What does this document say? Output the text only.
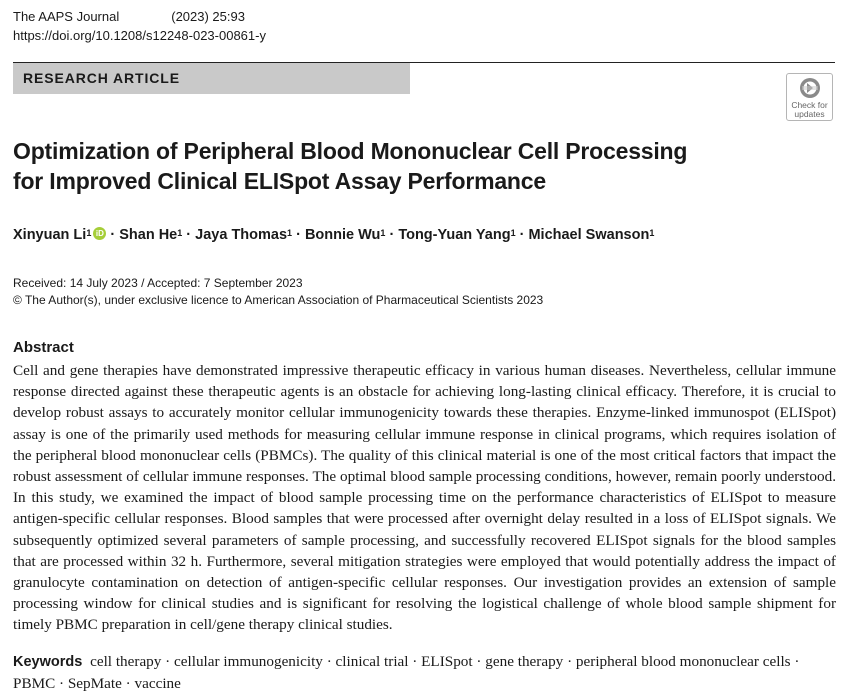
The AAPS Journal	(2023) 25:93
https://doi.org/10.1208/s12248-023-00861-y
RESEARCH ARTICLE
Check for
updates
Optimization of Peripheral Blood Mononuclear Cell Processing
for Improved Clinical ELISpot Assay Performance
Xinyuan Li$^1$ iD · Shan $He^1$ · Jaya Thomas$^1$ · Bonnie $Wu^1$ · Tong-Yuan Yang$^1$ · Michael Swanson$^1$
Received: 14 July 2023 / Accepted: 7 September 2023
© The Author(s), under exclusive licence to American Association of Pharmaceutical Scientists 2023
Abstract

Cell and gene therapies have demonstrated impressive therapeutic efficacy in various human diseases. Nevertheless, cellular immune response directed against these therapeutic agents is an obstacle for achieving long-lasting clinical efficacy. Therefore, it is crucial to develop robust assays to accurately monitor cellular immunogenicity towards these therapies. Enzyme-linked immunospot (ELISpot) assay is one of the primarily used methods for measuring cellular immune response in clinical programs, which requires isolation of the peripheral blood mononuclear cells (PBMCs). The quality of this clinical material is one of the most critical factors that impact the robust assessment of cellular immune responses. The optimal blood sample processing conditions, however, remain poorly understood. In this study, we examined the impact of blood sample processing time on the performance characteristics of ELISpot to measure antigen-specific cellular responses. Blood samples that were processed after overnight delay resulted in a loss of ELISpot signals. We subsequently optimized several parameters of sample processing, and successfully recovered ELISpot signals for the blood samples that are processed within 32 h. Furthermore, several mitigation strategies were employed that would potentially address the impact of granulocyte contamination on detection of antigen-specific cellular responses. Our investigation provides an extension of sample processing window for clinical studies and is significant for resolving the logistical challenge of whole blood sample shipment for timely PBMC preparation in cell/gene therapy clinical studies.

Keywords cell therapy · cellular immunogenicity · clinical trial · ELISpot · gene therapy · peripheral blood mononuclear cells · PBMC · SepMate · vaccine
